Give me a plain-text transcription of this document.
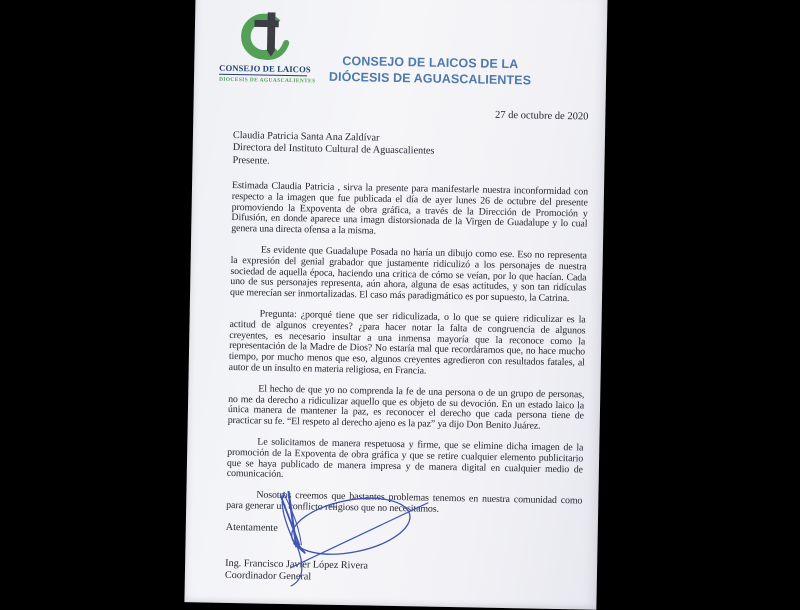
CONSEJO DE LAICOS
DIOCESIS DE AGUASCALIENTES
CONSEJO DE LAICOS DE LA
DIÓCESIS DE AGUASCALIENTES
27 de octubre de 2020
Claudia Patricia Santa Ana Zaldívar
Directora del Instituto Cultural de Aguascalientes
Presente.

Estimada Claudia Patricia , sirva la presente para manifestarle nuestra inconformidad con respecto a la imagen que fue publicada el día de ayer lunes 26 de octubre del presente promoviendo la Expoventa de obra gráfica, a través de la Dirección de Promoción y Difusión, en donde aparece una imagn distorsionada de la Virgen de Guadalupe y lo cual genera una directa ofensa a la misma.

Es evidente que Guadalupe Posada no haría un dibujo como ese. Eso no representa la expresión del genial grabador que justamente ridiculizó a los personajes de nuestra sociedad de aquella época, haciendo una critica de cómo se veían, por lo que hacían. Cada uno de sus personajes representa, aún ahora, alguna de esas actitudes, y son tan ridículas que merecían ser inmortalizadas. El caso más paradigmático es por supuesto, la Catrina.

Pregunta: ¿porqué tiene que ser ridiculizada, o lo que se quiere ridiculizar es la actitud de algunos creyentes? ¿para hacer notar la falta de congruencia de algunos creyentes, es necesario insultar a una inmensa mayoría que la reconoce como la representación de la Madre de Dios? No estaría mal que recordáramos que, no hace mucho tiempo, por mucho menos que eso, algunos creyentes agredieron con resultados fatales, al autor de un insulto en materia religiosa, en Francia.

El hecho de que yo no comprenda la fe de una persona o de un grupo de personas, no me da derecho a ridiculizar aquello que es objeto de su devoción. En un estado laico la única manera de mantener la paz, es reconocer el derecho que cada persona tiene de practicar su fe. “El respeto al derecho ajeno es la paz” ya dijo Don Benito Juárez.

Le solicitamos de manera respetuosa y firme, que se elimine dicha imagen de la promoción de la Expoventa de obra gráfica y que se retire cualquier elemento publicitario que se haya publicado de manera impresa y de manera digital en cualquier medio de comunicación.

Nosotros creemos que bastantes problemas tenemos en nuestra comunidad como para generar un conflicto religioso que no necesitamos.

Atentamente
Ing. Francisco Javier López Rivera
Coordinador General
